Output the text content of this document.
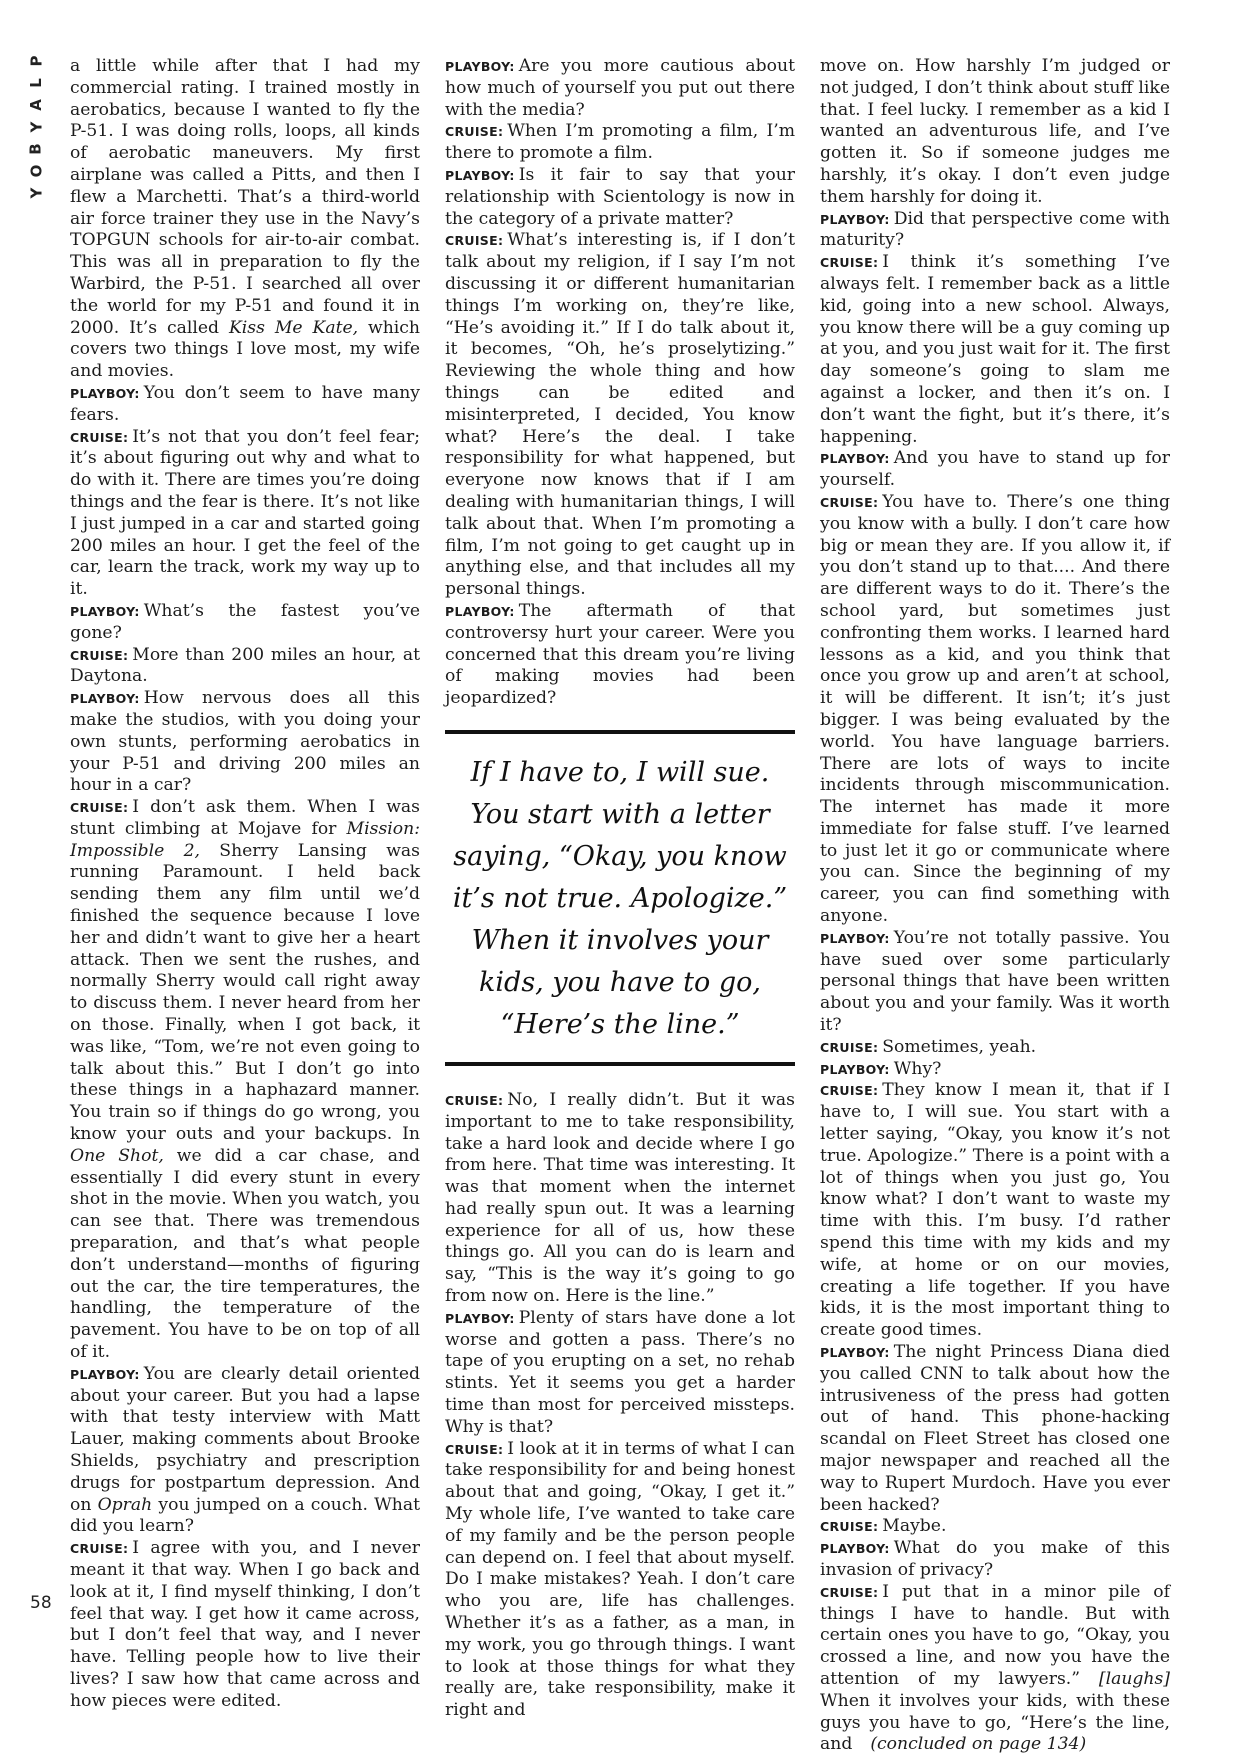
P
L
A
Y
B
O
Y
58

a little while after that I had my commercial rating. I trained mostly in aerobatics, because I wanted to fly the P-51. I was doing rolls, loops, all kinds of aerobatic maneuvers. My first airplane was called a Pitts, and then I flew a Marchetti. That’s a third-world air force trainer they use in the Navy’s TOPGUN schools for air-to-air combat. This was all in preparation to fly the Warbird, the P-51. I searched all over the world for my P-51 and found it in 2000. It’s called Kiss Me Kate, which covers two things I love most, my wife and movies.

PLAYBOY: You don’t seem to have many fears.

CRUISE: It’s not that you don’t feel fear; it’s about figuring out why and what to do with it. There are times you’re doing things and the fear is there. It’s not like I just jumped in a car and started going 200 miles an hour. I get the feel of the car, learn the track, work my way up to it.

PLAYBOY: What’s the fastest you’ve gone?

CRUISE: More than 200 miles an hour, at Daytona.

PLAYBOY: How nervous does all this make the studios, with you doing your own stunts, performing aerobatics in your P-51 and driving 200 miles an hour in a car?

CRUISE: I don’t ask them. When I was stunt climbing at Mojave for Mission: Impossible 2, Sherry Lansing was running Paramount. I held back sending them any film until we’d finished the sequence because I love her and didn’t want to give her a heart attack. Then we sent the rushes, and normally Sherry would call right away to discuss them. I never heard from her on those. Finally, when I got back, it was like, “Tom, we’re not even going to talk about this.” But I don’t go into these things in a haphazard manner. You train so if things do go wrong, you know your outs and your backups. In One Shot, we did a car chase, and essentially I did every stunt in every shot in the movie. When you watch, you can see that. There was tremendous preparation, and that’s what people don’t understand—months of figuring out the car, the tire temperatures, the handling, the temperature of the pavement. You have to be on top of all of it.

PLAYBOY: You are clearly detail oriented about your career. But you had a lapse with that testy interview with Matt Lauer, making comments about Brooke Shields, psychiatry and prescription drugs for postpartum depression. And on Oprah you jumped on a couch. What did you learn?

CRUISE: I agree with you, and I never meant it that way. When I go back and look at it, I find myself thinking, I don’t feel that way. I get how it came across, but I don’t feel that way, and I never have. Telling people how to live their lives? I saw how that came across and how pieces were edited.

PLAYBOY: Are you more cautious about how much of yourself you put out there with the media?

CRUISE: When I’m promoting a film, I’m there to promote a film.

PLAYBOY: Is it fair to say that your relationship with Scientology is now in the category of a private matter?

CRUISE: What’s interesting is, if I don’t talk about my religion, if I say I’m not discussing it or different humanitarian things I’m working on, they’re like, “He’s avoiding it.” If I do talk about it, it becomes, “Oh, he’s proselytizing.” Reviewing the whole thing and how things can be edited and misinterpreted, I decided, You know what? Here’s the deal. I take responsibility for what happened, but everyone now knows that if I am dealing with humanitarian things, I will talk about that. When I’m promoting a film, I’m not going to get caught up in anything else, and that includes all my personal things.

PLAYBOY: The aftermath of that controversy hurt your career. Were you concerned that this dream you’re living of making movies had been jeopardized?

If I have to, I will sue. You start with a letter saying, “Okay, you know it’s not true. Apologize.” When it involves your kids, you have to go, “Here’s the line.”

CRUISE: No, I really didn’t. But it was important to me to take responsibility, take a hard look and decide where I go from here. That time was interesting. It was that moment when the internet had really spun out. It was a learning experience for all of us, how these things go. All you can do is learn and say, “This is the way it’s going to go from now on. Here is the line.”

PLAYBOY: Plenty of stars have done a lot worse and gotten a pass. There’s no tape of you erupting on a set, no rehab stints. Yet it seems you get a harder time than most for perceived missteps. Why is that?

CRUISE: I look at it in terms of what I can take responsibility for and being honest about that and going, “Okay, I get it.” My whole life, I’ve wanted to take care of my family and be the person people can depend on. I feel that about myself. Do I make mistakes? Yeah. I don’t care who you are, life has challenges. Whether it’s as a father, as a man, in my work, you go through things. I want to look at those things for what they really are, take responsibility, make it right and

move on. How harshly I’m judged or not judged, I don’t think about stuff like that. I feel lucky. I remember as a kid I wanted an adventurous life, and I’ve gotten it. So if someone judges me harshly, it’s okay. I don’t even judge them harshly for doing it.

PLAYBOY: Did that perspective come with maturity?

CRUISE: I think it’s something I’ve always felt. I remember back as a little kid, going into a new school. Always, you know there will be a guy coming up at you, and you just wait for it. The first day someone’s going to slam me against a locker, and then it’s on. I don’t want the fight, but it’s there, it’s happening.

PLAYBOY: And you have to stand up for yourself.

CRUISE: You have to. There’s one thing you know with a bully. I don’t care how big or mean they are. If you allow it, if you don’t stand up to that.... And there are different ways to do it. There’s the school yard, but sometimes just confronting them works. I learned hard lessons as a kid, and you think that once you grow up and aren’t at school, it will be different. It isn’t; it’s just bigger. I was being evaluated by the world. You have language barriers. There are lots of ways to incite incidents through miscommunication. The internet has made it more immediate for false stuff. I’ve learned to just let it go or communicate where you can. Since the beginning of my career, you can find something with anyone.

PLAYBOY: You’re not totally passive. You have sued over some particularly personal things that have been written about you and your family. Was it worth it?

CRUISE: Sometimes, yeah.

PLAYBOY: Why?

CRUISE: They know I mean it, that if I have to, I will sue. You start with a letter saying, “Okay, you know it’s not true. Apologize.” There is a point with a lot of things when you just go, You know what? I don’t want to waste my time with this. I’m busy. I’d rather spend this time with my kids and my wife, at home or on our movies, creating a life together. If you have kids, it is the most important thing to create good times.

PLAYBOY: The night Princess Diana died you called CNN to talk about how the intrusiveness of the press had gotten out of hand. This phone-hacking scandal on Fleet Street has closed one major newspaper and reached all the way to Rupert Murdoch. Have you ever been hacked?

CRUISE: Maybe.

PLAYBOY: What do you make of this invasion of privacy?

CRUISE: I put that in a minor pile of things I have to handle. But with certain ones you have to go, “Okay, you crossed a line, and now you have the attention of my lawyers.” [laughs] When it involves your kids, with these guys you have to go, “Here’s the line, and (concluded on page 134)
